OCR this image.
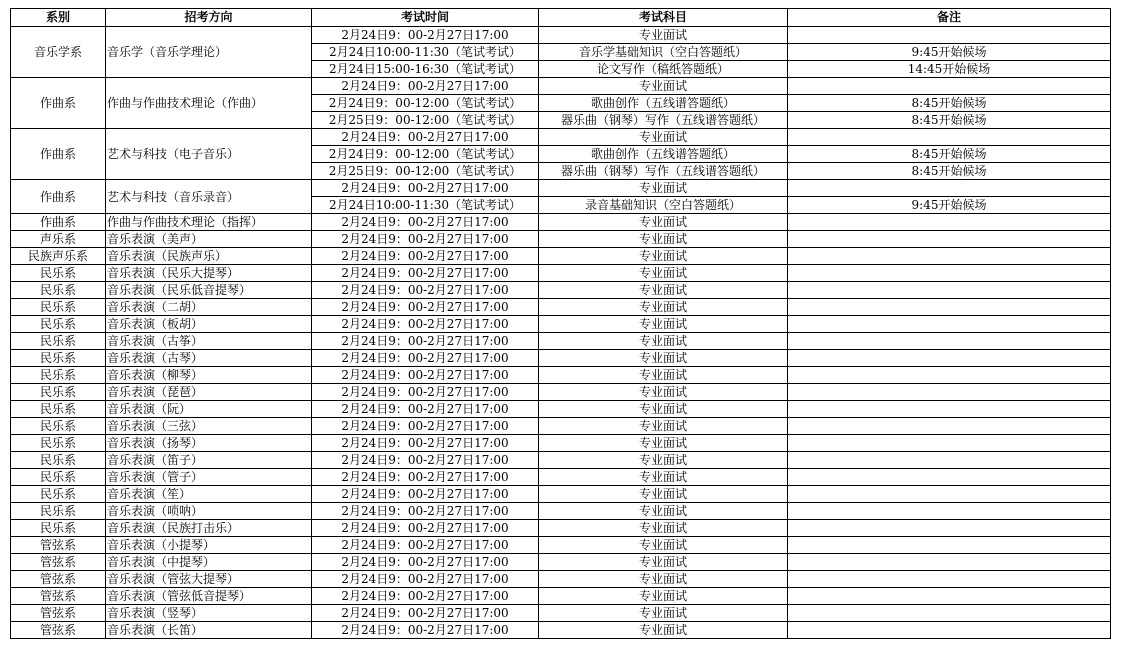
系别	招考方向	考试时间	考试科目	备注
音乐学系	音乐学（音乐学理论）	2月24日9：00-2月27日17:00	专业面试	
		2月24日10:00-11:30（笔试考试）	音乐学基础知识（空白答题纸）	9:45开始候场
		2月24日15:00-16:30（笔试考试）	论文写作（稿纸答题纸）	14:45开始候场
作曲系	作曲与作曲技术理论（作曲）	2月24日9：00-2月27日17:00	专业面试	
		2月24日9：00-12:00（笔试考试）	歌曲创作（五线谱答题纸）	8:45开始候场
		2月25日9：00-12:00（笔试考试）	器乐曲（钢琴）写作（五线谱答题纸）	8:45开始候场
作曲系	艺术与科技（电子音乐）	2月24日9：00-2月27日17:00	专业面试	
		2月24日9：00-12:00（笔试考试）	歌曲创作（五线谱答题纸）	8:45开始候场
		2月25日9：00-12:00（笔试考试）	器乐曲（钢琴）写作（五线谱答题纸）	8:45开始候场
作曲系	艺术与科技（音乐录音）	2月24日9：00-2月27日17:00	专业面试	
		2月24日10:00-11:30（笔试考试）	录音基础知识（空白答题纸）	9:45开始候场
作曲系	作曲与作曲技术理论（指挥）	2月24日9：00-2月27日17:00	专业面试	
声乐系	音乐表演（美声）	2月24日9：00-2月27日17:00	专业面试	
民族声乐系	音乐表演（民族声乐）	2月24日9：00-2月27日17:00	专业面试	
民乐系	音乐表演（民乐大提琴）	2月24日9：00-2月27日17:00	专业面试	
民乐系	音乐表演（民乐低音提琴）	2月24日9：00-2月27日17:00	专业面试	
民乐系	音乐表演（二胡）	2月24日9：00-2月27日17:00	专业面试	
民乐系	音乐表演（板胡）	2月24日9：00-2月27日17:00	专业面试	
民乐系	音乐表演（古筝）	2月24日9：00-2月27日17:00	专业面试	
民乐系	音乐表演（古琴）	2月24日9：00-2月27日17:00	专业面试	
民乐系	音乐表演（柳琴）	2月24日9：00-2月27日17:00	专业面试	
民乐系	音乐表演（琵琶）	2月24日9：00-2月27日17:00	专业面试	
民乐系	音乐表演（阮）	2月24日9：00-2月27日17:00	专业面试	
民乐系	音乐表演（三弦）	2月24日9：00-2月27日17:00	专业面试	
民乐系	音乐表演（扬琴）	2月24日9：00-2月27日17:00	专业面试	
民乐系	音乐表演（笛子）	2月24日9：00-2月27日17:00	专业面试	
民乐系	音乐表演（管子）	2月24日9：00-2月27日17:00	专业面试	
民乐系	音乐表演（笙）	2月24日9：00-2月27日17:00	专业面试	
民乐系	音乐表演（唢呐）	2月24日9：00-2月27日17:00	专业面试	
民乐系	音乐表演（民族打击乐）	2月24日9：00-2月27日17:00	专业面试	
管弦系	音乐表演（小提琴）	2月24日9：00-2月27日17:00	专业面试	
管弦系	音乐表演（中提琴）	2月24日9：00-2月27日17:00	专业面试	
管弦系	音乐表演（管弦大提琴）	2月24日9：00-2月27日17:00	专业面试	
管弦系	音乐表演（管弦低音提琴）	2月24日9：00-2月27日17:00	专业面试	
管弦系	音乐表演（竖琴）	2月24日9：00-2月27日17:00	专业面试	
管弦系	音乐表演（长笛）	2月24日9：00-2月27日17:00	专业面试	
